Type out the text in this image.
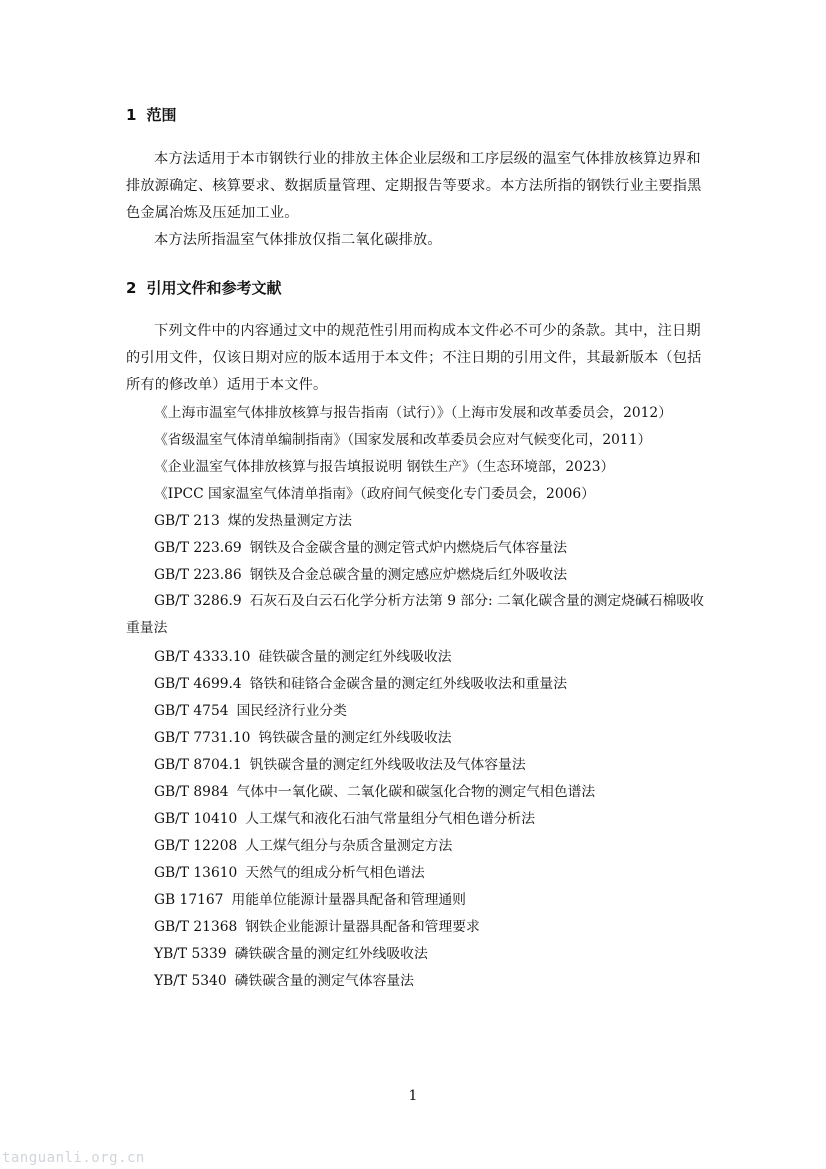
1 范围
本方法适用于本市钢铁行业的排放主体企业层级和工序层级的温室气体排放核算边界和排放源确定、核算要求、数据质量管理、定期报告等要求。本方法所指的钢铁行业主要指黑色金属冶炼及压延加工业。
本方法所指温室气体排放仅指二氧化碳排放。
2 引用文件和参考文献
下列文件中的内容通过文中的规范性引用而构成本文件必不可少的条款。其中，注日期的引用文件，仅该日期对应的版本适用于本文件；不注日期的引用文件，其最新版本（包括所有的修改单）适用于本文件。
《上海市温室气体排放核算与报告指南（试行）》（上海市发展和改革委员会，2012）
《省级温室气体清单编制指南》（国家发展和改革委员会应对气候变化司，2011）
《企业温室气体排放核算与报告填报说明 钢铁生产》（生态环境部，2023）
《IPCC 国家温室气体清单指南》（政府间气候变化专门委员会，2006）
GB/T 213 煤的发热量测定方法
GB/T 223.69 钢铁及合金碳含量的测定管式炉内燃烧后气体容量法
GB/T 223.86 钢铁及合金总碳含量的测定感应炉燃烧后红外吸收法
GB/T 3286.9 石灰石及白云石化学分析方法第 9 部分: 二氧化碳含量的测定烧碱石棉吸收重量法
GB/T 4333.10 硅铁碳含量的测定红外线吸收法
GB/T 4699.4 铬铁和硅铬合金碳含量的测定红外线吸收法和重量法
GB/T 4754 国民经济行业分类
GB/T 7731.10 钨铁碳含量的测定红外线吸收法
GB/T 8704.1 钒铁碳含量的测定红外线吸收法及气体容量法
GB/T 8984 气体中一氧化碳、二氧化碳和碳氢化合物的测定气相色谱法
GB/T 10410 人工煤气和液化石油气常量组分气相色谱分析法
GB/T 12208 人工煤气组分与杂质含量测定方法
GB/T 13610 天然气的组成分析气相色谱法
GB 17167 用能单位能源计量器具配备和管理通则
GB/T 21368 钢铁企业能源计量器具配备和管理要求
YB/T 5339 磷铁碳含量的测定红外线吸收法
YB/T 5340 磷铁碳含量的测定气体容量法
1
tanguanli.org.cn
